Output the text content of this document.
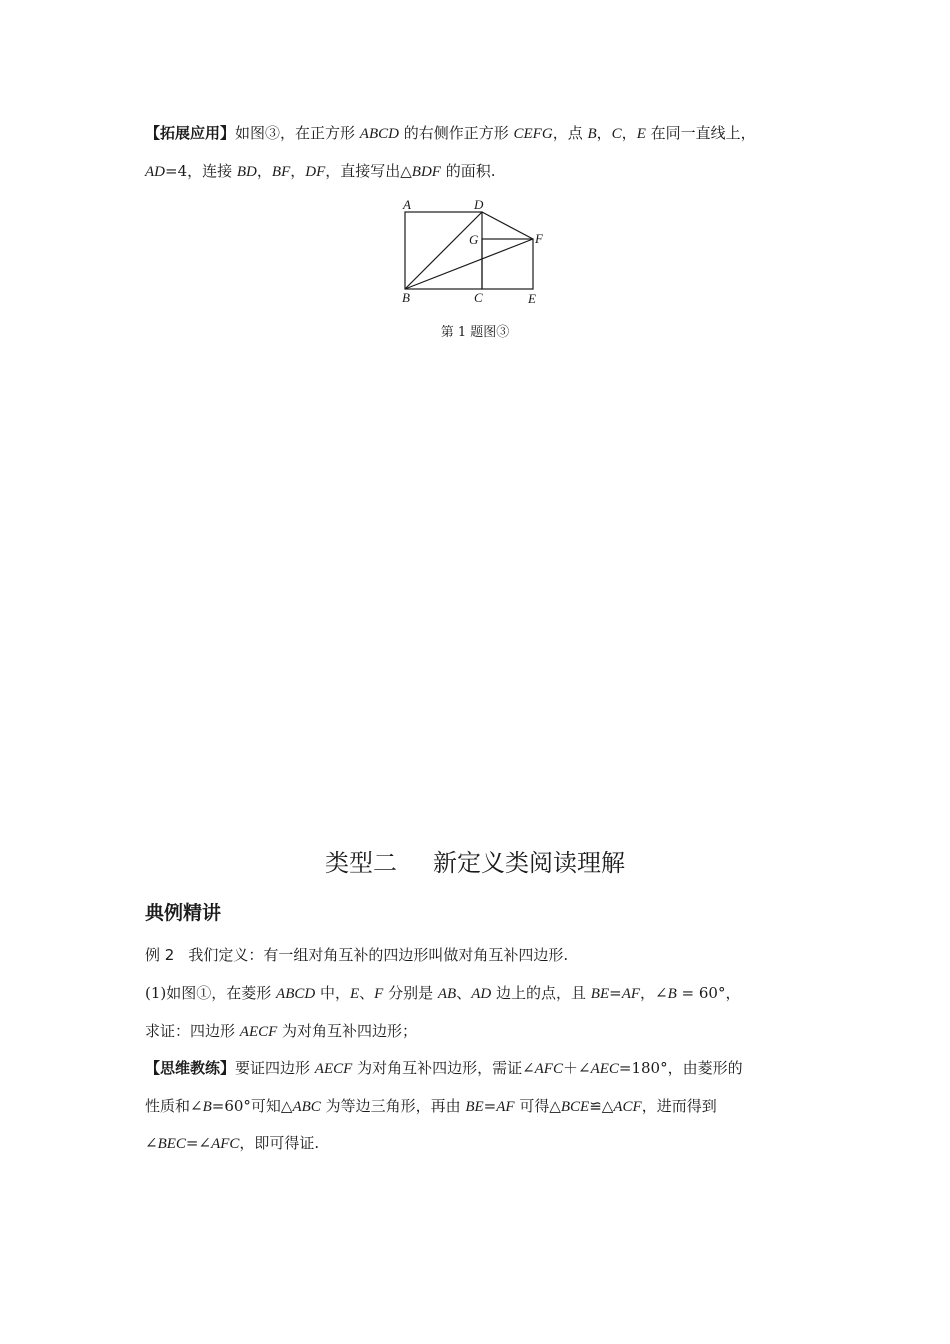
【拓展应用】如图③，在正方形 ABCD 的右侧作正方形 CEFG，点 B，C，E 在同一直线上，
AD=4，连接 BD，BF，DF，直接写出△BDF 的面积.
A	D
G	F
B	C	E
第 1 题图③
类型二 新定义类阅读理解
典例精讲
例 2 我们定义：有一组对角互补的四边形叫做对角互补四边形.
(1)如图①，在菱形 ABCD 中，E、F 分别是 AB、AD 边上的点，且 BE=AF，∠B = 60°，
求证：四边形 AECF 为对角互补四边形；
【思维教练】要证四边形 AECF 为对角互补四边形，需证∠AFC＋∠AEC=180°，由菱形的
性质和∠B=60°可知△ABC 为等边三角形，再由 BE=AF 可得△BCE≌△ACF，进而得到
∠BEC=∠AFC，即可得证.
